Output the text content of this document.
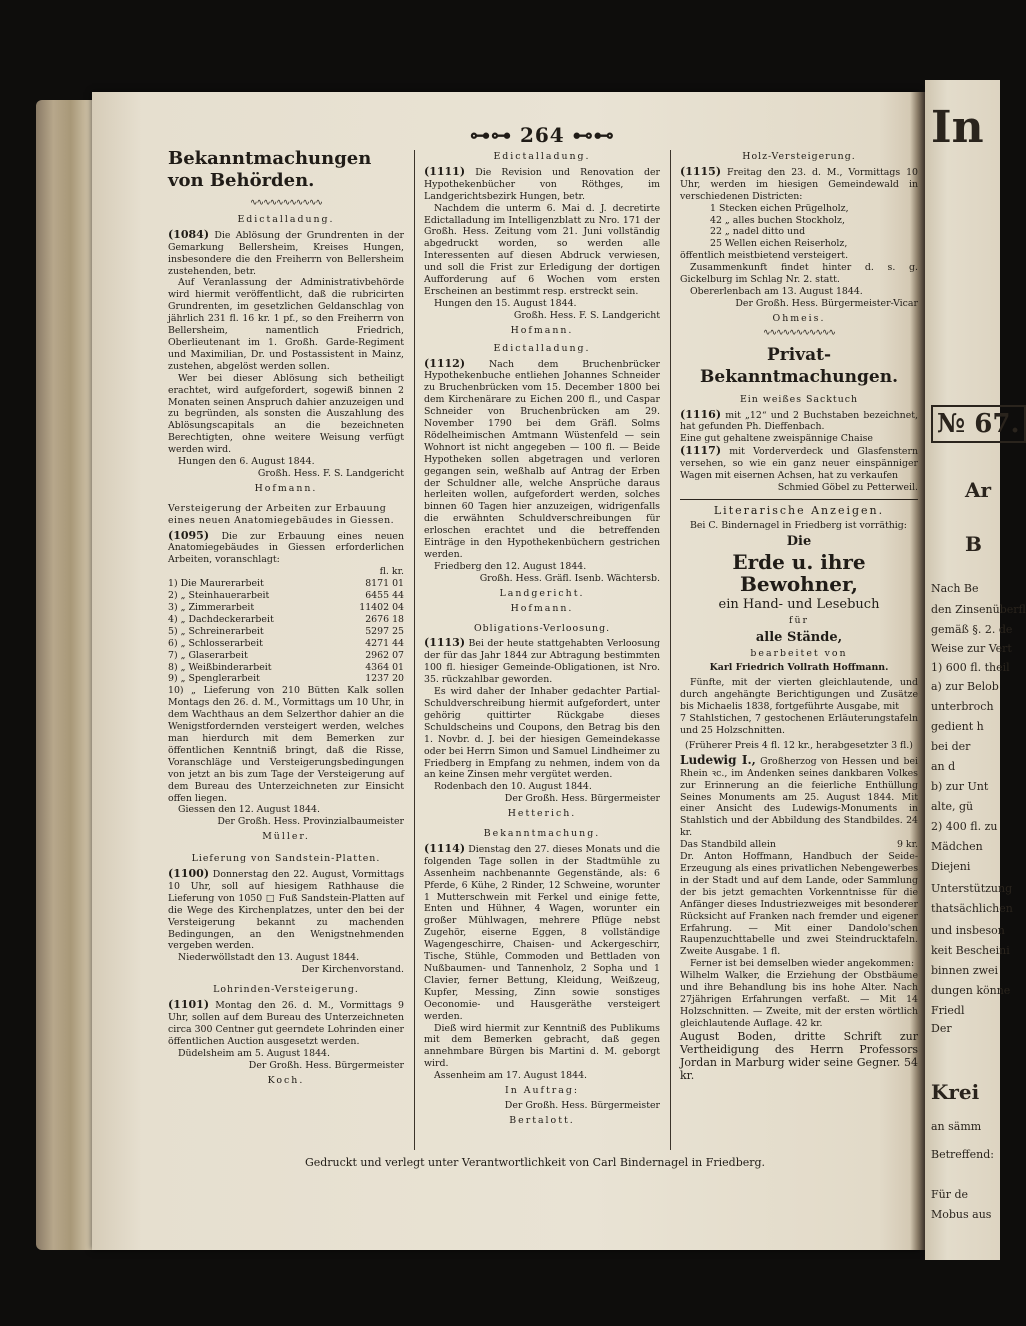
⊶⊶ 264 ⊷⊷
Bekanntmachungen von Behörden.
∿∿∿∿∿∿∿∿∿∿∿
Edictalladung.

(1084) Die Ablösung der Grundrenten in der Gemarkung Bellersheim, Kreises Hungen, insbesondere die den Freiherrn von Bellersheim zustehenden, betr.

Auf Veranlassung der Administrativbehörde wird hiermit veröffentlicht, daß die rubricirten Grundrenten, im gesetzlichen Geldanschlag von jährlich 231 fl. 16 kr. 1 pf., so den Freiherrn von Bellersheim, namentlich Friedrich, Oberlieutenant im 1. Großh. Garde-Regiment und Maximilian, Dr. und Postassistent in Mainz, zustehen, abgelöst werden sollen.

Wer bei dieser Ablösung sich betheiligt erachtet, wird aufgefordert, sogewiß binnen 2 Monaten seinen Anspruch dahier anzuzeigen und zu begründen, als sonsten die Auszahlung des Ablösungscapitals an die bezeichneten Berechtigten, ohne weitere Weisung verfügt werden wird.

Hungen den 6. August 1844.

Großh. Hess. F. S. Landgericht

Hofmann.

Versteigerung der Arbeiten zur Erbauung eines neuen Anatomiegebäudes in Giessen.

(1095) Die zur Erbauung eines neuen Anatomiegebäudes in Giessen erforderlichen Arbeiten, voranschlagt:

fl. kr.

1) Die Maurerarbeit	8171 01

2) „ Steinhauerarbeit	6455 44

3) „ Zimmerarbeit	11402 04

4) „ Dachdeckerarbeit	2676 18

5) „ Schreinerarbeit	5297 25

6) „ Schlosserarbeit	4271 44

7) „ Glaserarbeit	2962 07

8) „ Weißbinderarbeit	4364 01

9) „ Spenglerarbeit	1237 20

10) „ Lieferung von 210 Bütten Kalk sollen Montags den 26. d. M., Vormittags um 10 Uhr, in dem Wachthaus an dem Selzerthor dahier an die Wenigstfordernden versteigert werden, welches man hierdurch mit dem Bemerken zur öffentlichen Kenntniß bringt, daß die Risse, Voranschläge und Versteigerungsbedingungen von jetzt an bis zum Tage der Versteigerung auf dem Bureau des Unterzeichneten zur Einsicht offen liegen.

Giessen den 12. August 1844.

Der Großh. Hess. Provinzialbaumeister

Müller.

Lieferung von Sandstein-Platten.

(1100) Donnerstag den 22. August, Vormittags 10 Uhr, soll auf hiesigem Rathhause die Lieferung von 1050 □ Fuß Sandstein-Platten auf die Wege des Kirchenplatzes, unter den bei der Versteigerung bekannt zu machenden Bedingungen, an den Wenigstnehmenden vergeben werden.

Niederwöllstadt den 13. August 1844.

Der Kirchenvorstand.

Lohrinden-Versteigerung.

(1101) Montag den 26. d. M., Vormittags 9 Uhr, sollen auf dem Bureau des Unterzeichneten circa 300 Centner gut geerndete Lohrinden einer öffentlichen Auction ausgesetzt werden.

Düdelsheim am 5. August 1844.

Der Großh. Hess. Bürgermeister

Koch.

Edictalladung.

(1111) Die Revision und Renovation der Hypothekenbücher von Röthges, im Landgerichtsbezirk Hungen, betr.

Nachdem die unterm 6. Mai d. J. decretirte Edictalladung im Intelligenzblatt zu Nro. 171 der Großh. Hess. Zeitung vom 21. Juni vollständig abgedruckt worden, so werden alle Interessenten auf diesen Abdruck verwiesen, und soll die Frist zur Erledigung der dortigen Aufforderung auf 6 Wochen vom ersten Erscheinen an bestimmt resp. erstreckt sein.

Hungen den 15. August 1844.

Großh. Hess. F. S. Landgericht

Hofmann.

Edictalladung.

(1112)	Nach dem Bruchenbrücker Hypothekenbuche entliehen Johannes Schneider zu Bruchenbrücken vom 15. December 1800 bei dem Kirchenärare zu Eichen 200 fl., und Caspar Schneider von Bruchenbrücken am 29. November 1790 bei dem Gräfl. Solms Rödelheimischen Amtmann Wüstenfeld — sein Wohnort ist nicht angegeben — 100 fl. — Beide Hypotheken sollen abgetragen und verloren gegangen sein, weßhalb auf Antrag der Erben der Schuldner alle, welche Ansprüche daraus herleiten wollen, aufgefordert werden, solches binnen 60 Tagen hier anzuzeigen, widrigenfalls die erwähnten Schuldverschreibungen für erloschen erachtet und die betreffenden Einträge in den Hypothekenbüchern gestrichen werden.

Friedberg den 12. August 1844.

Großh. Hess. Gräfl. Isenb. Wächtersb.

Landgericht.

Hofmann.

Obligations-Verloosung.

(1113) Bei der heute stattgehabten Verloosung der für das Jahr 1844 zur Abtragung bestimmten 100 fl. hiesiger Gemeinde-Obligationen, ist Nro. 35. rückzahlbar geworden.

Es wird daher der Inhaber gedachter Partial-Schuldverschreibung hiermit aufgefordert, unter gehörig quittirter Rückgabe dieses Schuldscheins und Coupons, den Betrag bis den 1. Novbr. d. J. bei der hiesigen Gemeindekasse oder bei Herrn Simon und Samuel Lindheimer zu Friedberg in Empfang zu nehmen, indem von da an keine Zinsen mehr vergütet werden.

Rodenbach den 10. August 1844.

Der Großh. Hess. Bürgermeister

Hetterich.

Bekanntmachung.

(1114) Dienstag den 27. dieses Monats und die folgenden Tage sollen in der Stadtmühle zu Assenheim nachbenannte Gegenstände, als: 6 Pferde, 6 Kühe, 2 Rinder, 12 Schweine, worunter 1 Mutterschwein mit Ferkel und einige fette, Enten und Hühner, 4 Wagen, worunter ein großer Mühlwagen, mehrere Pflüge nebst Zugehör, eiserne Eggen, 8 vollständige Wagengeschirre, Chaisen- und Ackergeschirr, Tische, Stühle, Commoden und Bettladen von Nußbaumen- und Tannenholz, 2 Sopha und 1 Clavier, ferner Bettung, Kleidung, Weißzeug, Kupfer, Messing, Zinn sowie sonstiges Oeconomie- und Hausgeräthe versteigert werden.

Dieß wird hiermit zur Kenntniß des Publikums mit dem Bemerken gebracht, daß gegen annehmbare Bürgen bis Martini d. M. geborgt wird.

Assenheim am 17. August 1844.

In Auftrag:

Der Großh. Hess. Bürgermeister

Bertalott.

Holz-Versteigerung.

(1115) Freitag den 23. d. M., Vormittags 10 Uhr, werden im hiesigen Gemeindewald in verschiedenen Districten:

1 Stecken eichen Prügelholz,

42 „ alles buchen Stockholz,

22 „ nadel ditto und

25 Wellen eichen Reiserholz,

öffentlich meistbietend versteigert.

Zusammenkunft findet hinter d. s. g. Gickelburg im Schlag Nr. 2. statt.

Obererlenbach am 13. August 1844.

Der Großh. Hess. Bürgermeister-Vicar

Ohmeis.

∿∿∿∿∿∿∿∿∿∿∿
Privat-Bekanntmachungen.

Ein weißes Sacktuch

(1116) mit „12“ und 2 Buchstaben bezeichnet, hat gefunden Ph. Dieffenbach.

Eine gut gehaltene zweispännige Chaise

(1117) mit Vorderverdeck und Glasfenstern versehen, so wie ein ganz neuer einspänniger Wagen mit eisernen Achsen, hat zu verkaufen

Schmied Göbel zu Petterweil.

Literarische Anzeigen.

Bei C. Bindernagel in Friedberg ist vorräthig:

Die
Erde u. ihre Bewohner,
ein Hand- und Lesebuch

für

alle Stände,

bearbeitet von

Karl Friedrich Vollrath Hoffmann.

Fünfte, mit der vierten gleichlautende, und durch angehängte Berichtigungen und Zusätze bis Michaelis 1838, fortgeführte Ausgabe, mit

7 Stahlstichen, 7 gestochenen Erläuterungstafeln und 25 Holzschnitten.

(Früherer Preis 4 fl. 12 kr., herabgesetzter 3 fl.)

Ludewig I., Großherzog von Hessen und bei Rhein ꝛc., im Andenken seines dankbaren Volkes zur Erinnerung an die feierliche Enthüllung Seines Monuments am 25. August 1844. Mit einer Ansicht des Ludewigs-Monuments in Stahlstich und der Abbildung des Standbildes. 24 kr.

Das Standbild allein	9 kr.

Dr. Anton Hoffmann, Handbuch der Seide-Erzeugung als eines privatlichen Nebengewerbes in der Stadt und auf dem Lande, oder Sammlung der bis jetzt gemachten Vorkenntnisse für die Anfänger dieses Industriezweiges mit besonderer Rücksicht auf Franken nach fremder und eigener Erfahrung. — Mit einer Dandolo'schen Raupenzuchttabelle und zwei Steindrucktafeln. Zweite Ausgabe. 1 fl.

Ferner ist bei demselben wieder angekommen:

Wilhelm Walker, die Erziehung der Obstbäume und ihre Behandlung bis ins hohe Alter. Nach 27jährigen Erfahrungen verfaßt. — Mit 14 Holzschnitten. — Zweite, mit der ersten wörtlich gleichlautende Auflage. 42 kr.

August Boden, dritte Schrift zur Vertheidigung des Herrn Professors Jordan in Marburg wider seine Gegner. 54 kr.

Gedruckt und verlegt unter Verantwortlichkeit von Carl Bindernagel in Friedberg.
In
№ 67.
Ar
B
Nach Be
den Zinsenüberfl
gemäß §. 2. de
Weise zur Vert
1) 600 fl. theil
a) zur Belob
unterbroch
gedient h
bei der
an d
b) zur Unt
alte, gü
2) 400 fl. zu
Mädchen
Diejeni
Unterstützung
thatsächlichen
und insbeson
keit Bescheini
binnen zwei
dungen könne
Friedl
Der
Krei
an sämm
Betreffend:
Für de
Mobus aus
